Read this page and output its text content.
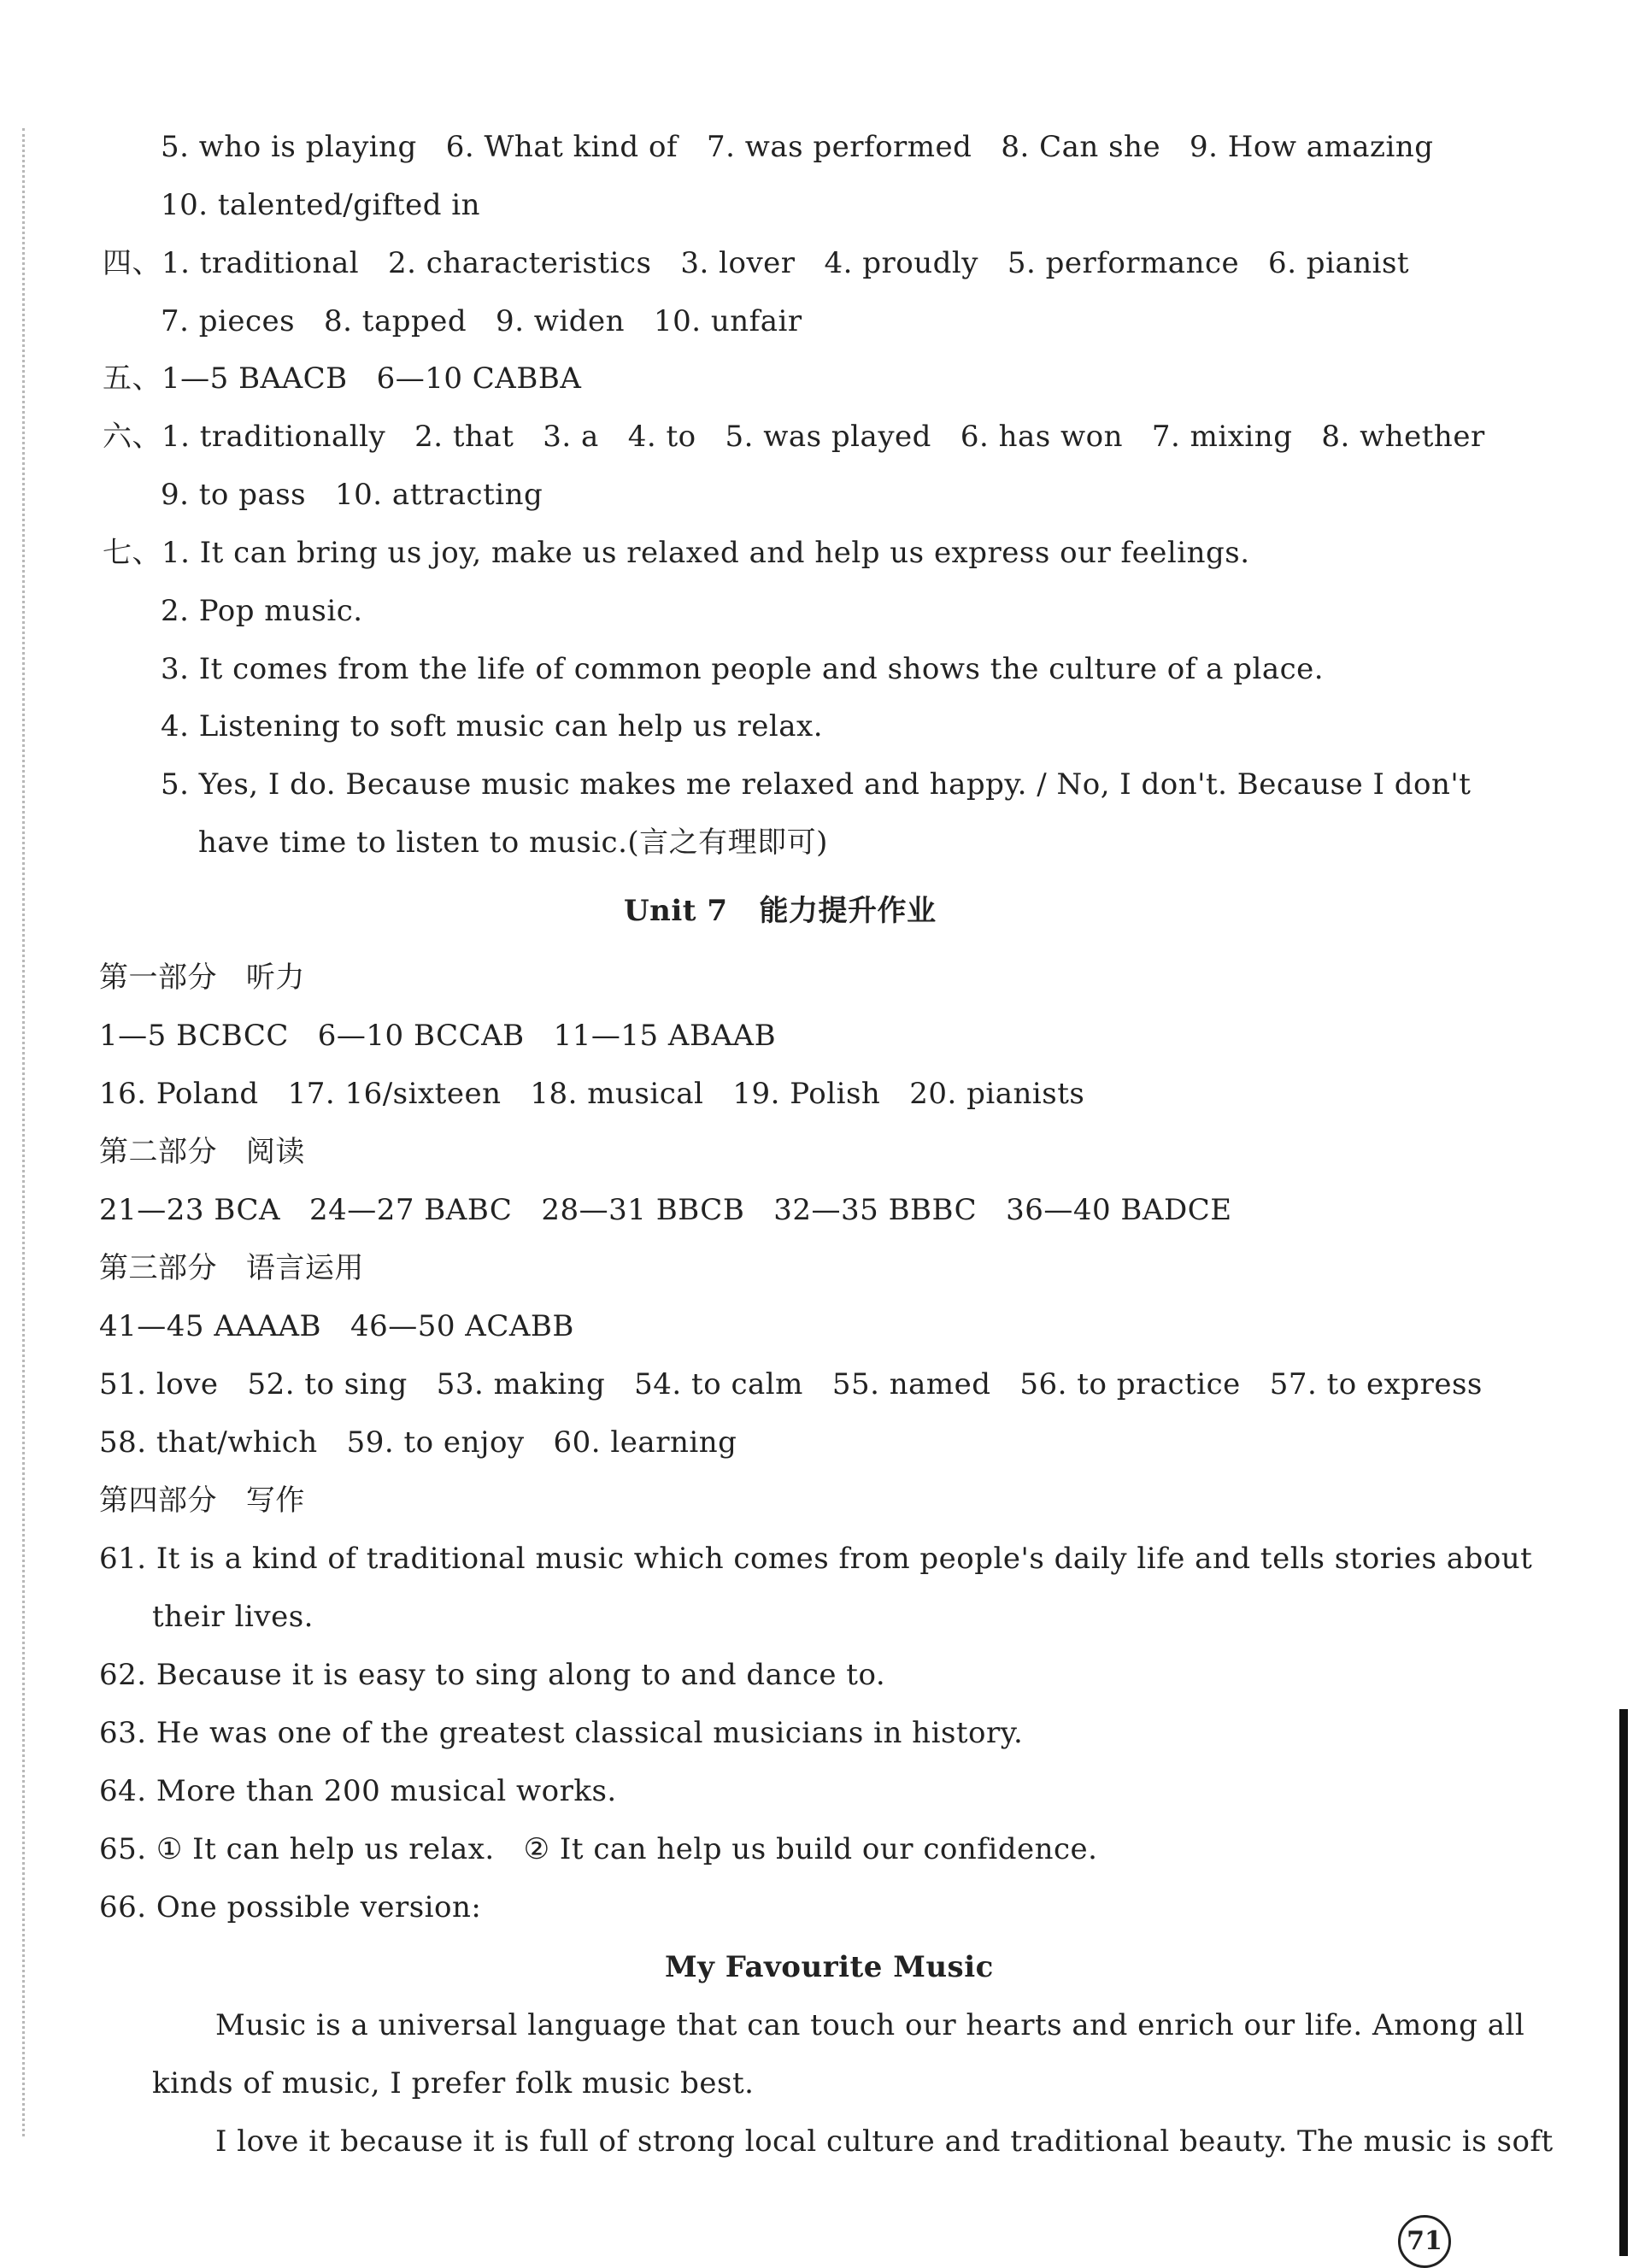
5. who is playing   6. What kind of   7. was performed   8. Can she   9. How amazing
10. talented/gifted in
四、1. traditional   2. characteristics   3. lover   4. proudly   5. performance   6. pianist
7. pieces   8. tapped   9. widen   10. unfair
五、1—5 BAACB   6—10 CABBA
六、1. traditionally   2. that   3. a   4. to   5. was played   6. has won   7. mixing   8. whether
9. to pass   10. attracting
七、1. It can bring us joy, make us relaxed and help us express our feelings.
2. Pop music.
3. It comes from the life of common people and shows the culture of a place.
4. Listening to soft music can help us relax.
5. Yes, I do. Because music makes me relaxed and happy. / No, I don't. Because I don't
have time to listen to music.(言之有理即可)
Unit 7   能力提升作业
第一部分   听力
1—5 BCBCC   6—10 BCCAB   11—15 ABAAB
16. Poland   17. 16/sixteen   18. musical   19. Polish   20. pianists
第二部分   阅读
21—23 BCA   24—27 BABC   28—31 BBCB   32—35 BBBC   36—40 BADCE
第三部分   语言运用
41—45 AAAAB   46—50 ACABB
51. love   52. to sing   53. making   54. to calm   55. named   56. to practice   57. to express
58. that/which   59. to enjoy   60. learning
第四部分   写作
61. It is a kind of traditional music which comes from people's daily life and tells stories about
their lives.
62. Because it is easy to sing along to and dance to.
63. He was one of the greatest classical musicians in history.
64. More than 200 musical works.
65. ① It can help us relax.   ② It can help us build our confidence.
66. One possible version:
My Favourite Music
Music is a universal language that can touch our hearts and enrich our life. Among all
kinds of music, I prefer folk music best.
I love it because it is full of strong local culture and traditional beauty. The music is soft
71
